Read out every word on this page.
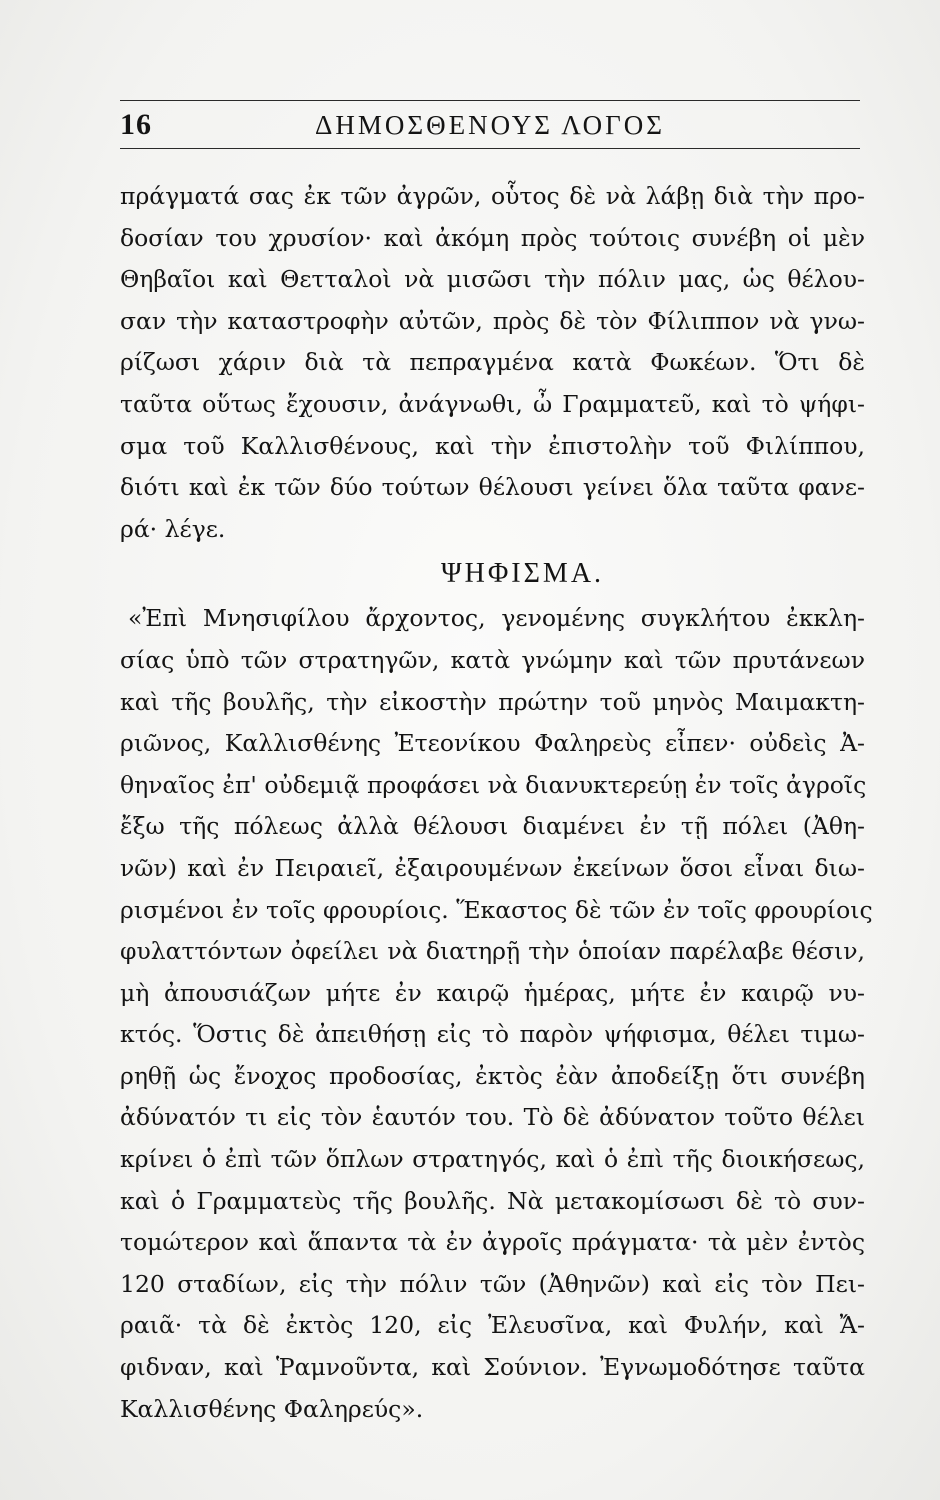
16	ΔΗΜΟΣΘΕΝΟΥΣ ΛΟΓΟΣ
πράγματά σας ἐκ τῶν ἀγρῶν, οὗτος δὲ νὰ λάβῃ διὰ τὴν προ-
δοσίαν του χρυσίον· καὶ ἀκόμη πρὸς τούτοις συνέβη οἱ μὲν
Θηβαῖοι καὶ Θετταλοὶ νὰ μισῶσι τὴν πόλιν μας, ὡς θέλου-
σαν τὴν καταστροφὴν αὐτῶν, πρὸς δὲ τὸν Φίλιππον νὰ γνω-
ρίζωσι χάριν διὰ τὰ πεπραγμένα κατὰ Φωκέων. Ὅτι δὲ
ταῦτα οὕτως ἔχουσιν, ἀνάγνωθι, ὦ Γραμματεῦ, καὶ τὸ ψήφι-
σμα τοῦ Καλλισθένους, καὶ τὴν ἐπιστολὴν τοῦ Φιλίππου,
διότι καὶ ἐκ τῶν δύο τούτων θέλουσι γείνει ὅλα ταῦτα φανε-
ρά· λέγε.
ΨΗΦΙΣΜΑ.
«Ἐπὶ Μνησιφίλου ἄρχοντος, γενομένης συγκλήτου ἐκκλη-
σίας ὑπὸ τῶν στρατηγῶν, κατὰ γνώμην καὶ τῶν πρυτάνεων
καὶ τῆς βουλῆς, τὴν εἰκοστὴν πρώτην τοῦ μηνὸς Μαιμακτη-
ριῶνος, Καλλισθένης Ἐτεονίκου Φαληρεὺς εἶπεν· οὐδεὶς Ἀ-
θηναῖος ἐπ' οὐδεμιᾷ προφάσει νὰ διανυκτερεύῃ ἐν τοῖς ἀγροῖς
ἔξω τῆς πόλεως ἀλλὰ θέλουσι διαμένει ἐν τῇ πόλει (Ἀθη-
νῶν) καὶ ἐν Πειραιεῖ, ἐξαιρουμένων ἐκείνων ὅσοι εἶναι διω-
ρισμένοι ἐν τοῖς φρουρίοις. Ἕκαστος δὲ τῶν ἐν τοῖς φρουρίοις
φυλαττόντων ὀφείλει νὰ διατηρῇ τὴν ὁποίαν παρέλαβε θέσιν,
μὴ ἀπουσιάζων μήτε ἐν καιρῷ ἡμέρας, μήτε ἐν καιρῷ νυ-
κτός. Ὅστις δὲ ἀπειθήσῃ εἰς τὸ παρὸν ψήφισμα, θέλει τιμω-
ρηθῇ ὡς ἔνοχος προδοσίας, ἐκτὸς ἐὰν ἀποδείξῃ ὅτι συνέβη
ἀδύνατόν τι εἰς τὸν ἑαυτόν του. Τὸ δὲ ἀδύνατον τοῦτο θέλει
κρίνει ὁ ἐπὶ τῶν ὅπλων στρατηγός, καὶ ὁ ἐπὶ τῆς διοικήσεως,
καὶ ὁ Γραμματεὺς τῆς βουλῆς. Νὰ μετακομίσωσι δὲ τὸ συν-
τομώτερον καὶ ἅπαντα τὰ ἐν ἀγροῖς πράγματα· τὰ μὲν ἐντὸς
120 σταδίων, εἰς τὴν πόλιν τῶν (Ἀθηνῶν) καὶ εἰς τὸν Πει-
ραιᾶ· τὰ δὲ ἐκτὸς 120, εἰς Ἐλευσῖνα, καὶ Φυλήν, καὶ Ἄ-
φιδναν, καὶ Ῥαμνοῦντα, καὶ Σούνιον. Ἐγνωμοδότησε ταῦτα
Καλλισθένης Φαληρεύς».
